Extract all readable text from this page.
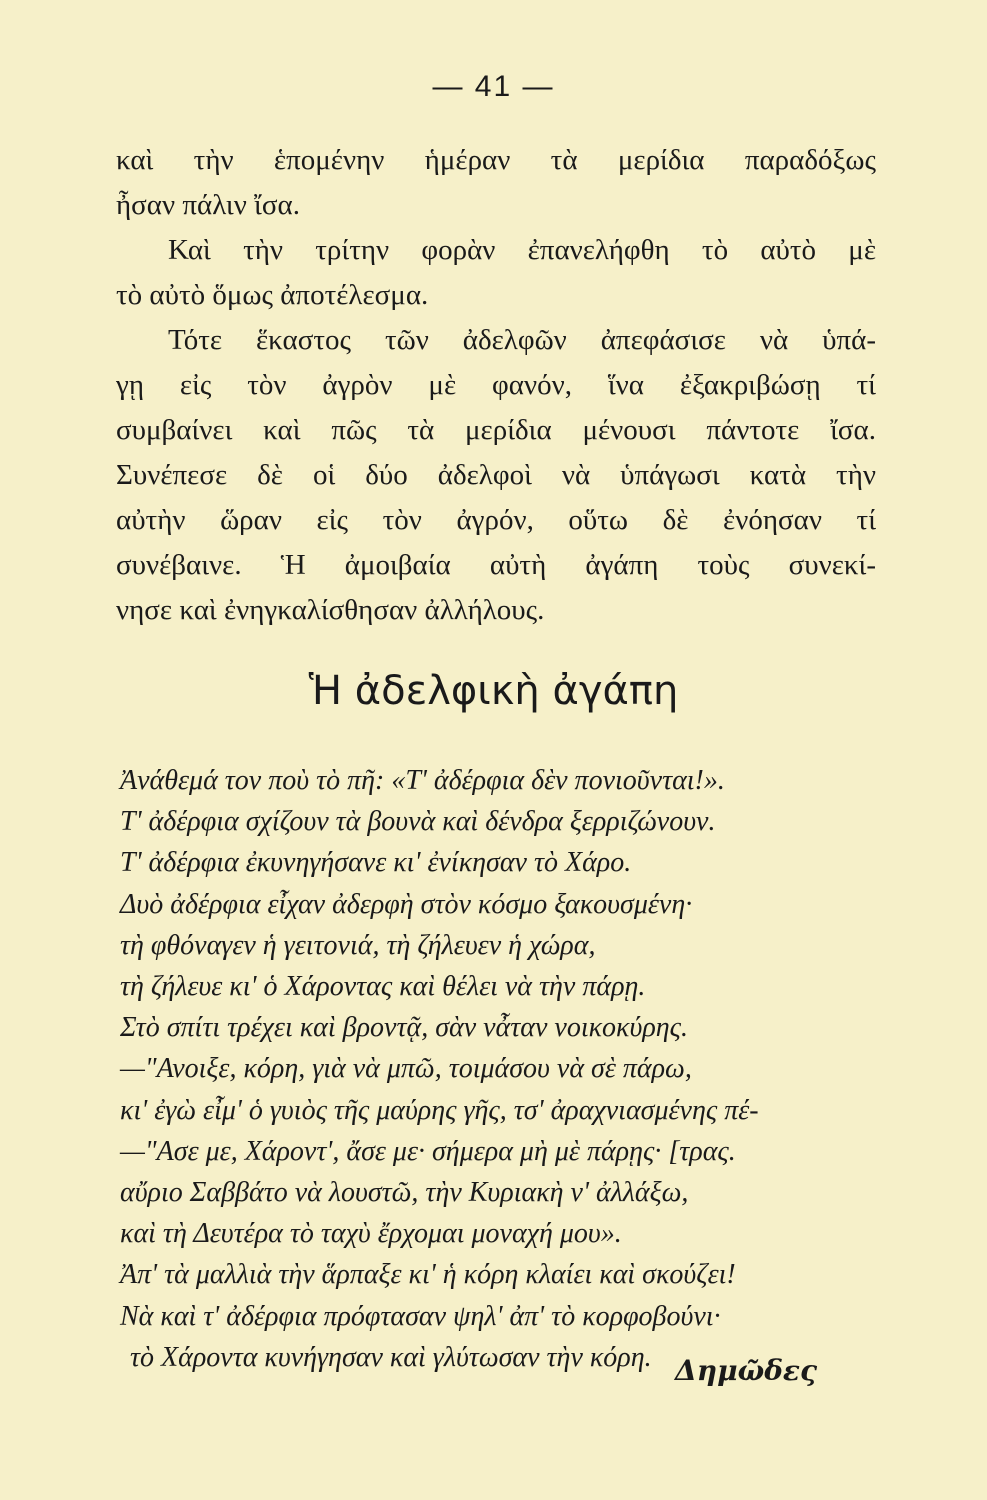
— 41 —
καὶ τὴν ἑπομένην ἡμέραν τὰ μερίδια παραδόξως
ἦσαν πάλιν ἴσα.
Καὶ τὴν τρίτην φορὰν ἐπανελήφθη τὸ αὐτὸ μὲ
τὸ αὐτὸ ὅμως ἀποτέλεσμα.
Τότε ἕκαστος τῶν ἀδελφῶν ἀπεφάσισε νὰ ὑπά-
γῃ εἰς τὸν ἀγρὸν μὲ φανόν, ἵνα ἐξακριβώσῃ τί
συμβαίνει καὶ πῶς τὰ μερίδια μένουσι πάντοτε ἴσα.
Συνέπεσε δὲ οἱ δύο ἀδελφοὶ νὰ ὑπάγωσι κατὰ τὴν
αὐτὴν ὥραν εἰς τὸν ἀγρόν, οὕτω δὲ ἐνόησαν τί
συνέβαινε. Ἡ ἀμοιβαία αὐτὴ ἀγάπη τοὺς συνεκί-
νησε καὶ ἐνηγκαλίσθησαν ἀλλήλους.
Ἡ ἀδελφικὴ ἀγάπη
Ἀνάθεμά τον ποὺ τὸ πῆ: «Τ' ἀδέρφια δὲν πονιοῦνται!».
Τ' ἀδέρφια σχίζουν τὰ βουνὰ καὶ δένδρα ξερριζώνουν.
Τ' ἀδέρφια ἐκυνηγήσανε κι' ἐνίκησαν τὸ Χάρο.
Δυὸ ἀδέρφια εἶχαν ἀδερφὴ στὸν κόσμο ξακουσμένη·
τὴ φθόναγεν ἡ γειτονιά, τὴ ζήλευεν ἡ χώρα,
τὴ ζήλευε κι' ὁ Χάροντας καὶ θέλει νὰ τὴν πάρῃ.
Στὸ σπίτι τρέχει καὶ βροντᾷ, σὰν νἆταν νοικοκύρης.
—"Ανοιξε, κόρη, γιὰ νὰ μπῶ, τοιμάσου νὰ σὲ πάρω,
κι' ἐγὼ εἶμ' ὁ γυιὸς τῆς μαύρης γῆς, τσ' ἀραχνιασμένης πέ-
—"Ασε με, Χάροντ', ἄσε με· σήμερα μὴ μὲ πάρῃς· [τρας.
αὔριο Σαββάτο νὰ λουστῶ, τὴν Κυριακὴ ν' ἀλλάξω,
καὶ τὴ Δευτέρα τὸ ταχὺ ἔρχομαι μοναχή μου».
Ἀπ' τὰ μαλλιὰ τὴν ἅρπαξε κι' ἡ κόρη κλαίει καὶ σκούζει!
Νὰ καὶ τ' ἀδέρφια πρόφτασαν ψηλ' ἀπ' τὸ κορφοβούνι·
τὸ Χάροντα κυνήγησαν καὶ γλύτωσαν τὴν κόρη. Δημῶδες
